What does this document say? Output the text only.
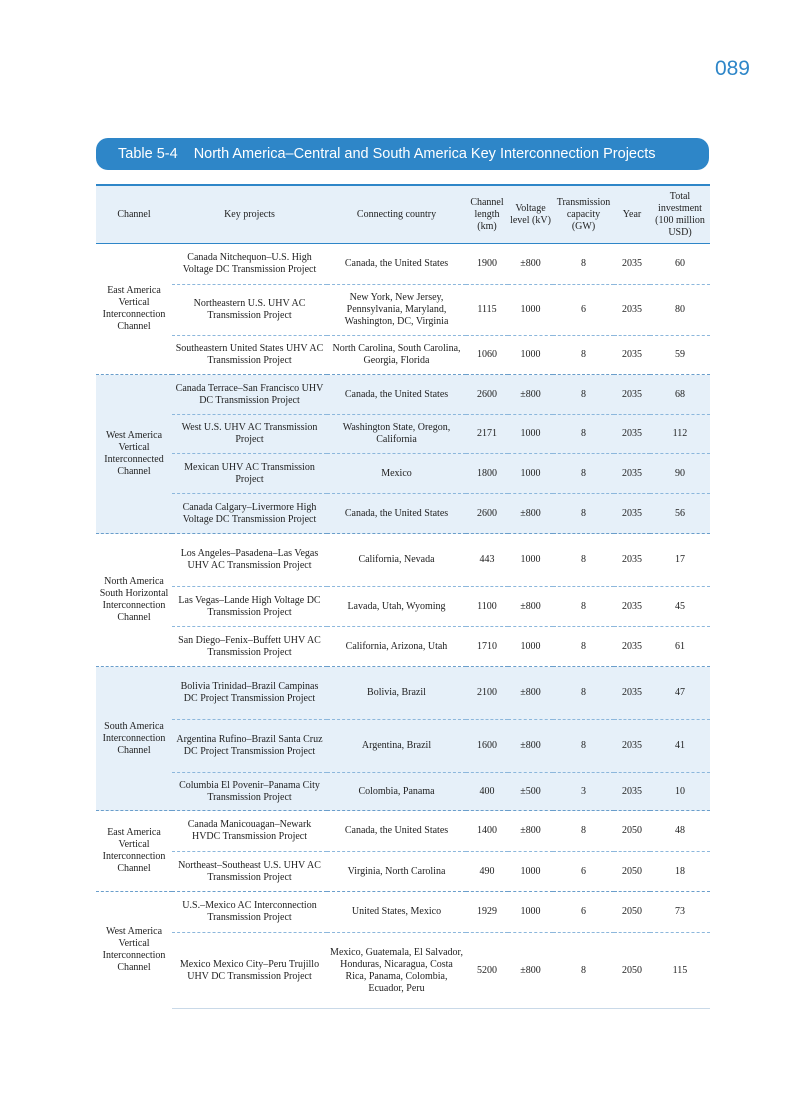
089
Table 5-4 North America–Central and South America Key Interconnection Projects
Channel	Key projects	Connecting country	Channel length (km)	Voltage level (kV)	Transmission capacity (GW)	Year	Total investment (100 million USD)
East America Vertical Interconnection Channel	Canada Nitchequon–U.S. High Voltage DC Transmission Project	Canada, the United States	1900	±800	8	2035	60
	Northeastern U.S. UHV AC Transmission Project	New York, New Jersey, Pennsylvania, Maryland, Washington, DC, Virginia	1115	1000	6	2035	80
	Southeastern United States UHV AC Transmission Project	North Carolina, South Carolina, Georgia, Florida	1060	1000	8	2035	59
West America Vertical Interconnected Channel	Canada Terrace–San Francisco UHV DC Transmission Project	Canada, the United States	2600	±800	8	2035	68
	West U.S. UHV AC Transmission Project	Washington State, Oregon, California	2171	1000	8	2035	112
	Mexican UHV AC Transmission Project	Mexico	1800	1000	8	2035	90
	Canada Calgary–Livermore High Voltage DC Transmission Project	Canada, the United States	2600	±800	8	2035	56
North America South Horizontal Interconnection Channel	Los Angeles–Pasadena–Las Vegas UHV AC Transmission Project	California, Nevada	443	1000	8	2035	17
	Las Vegas–Lande High Voltage DC Transmission Project	Lavada, Utah, Wyoming	1100	±800	8	2035	45
	San Diego–Fenix–Buffett UHV AC Transmission Project	California, Arizona, Utah	1710	1000	8	2035	61
South America Interconnection Channel	Bolivia Trinidad–Brazil Campinas DC Project Transmission Project	Bolivia, Brazil	2100	±800	8	2035	47
	Argentina Rufino–Brazil Santa Cruz DC Project Transmission Project	Argentina, Brazil	1600	±800	8	2035	41
	Columbia El Povenir–Panama City Transmission Project	Colombia, Panama	400	±500	3	2035	10
East America Vertical Interconnection Channel	Canada Manicouagan–Newark HVDC Transmission Project	Canada, the United States	1400	±800	8	2050	48
	Northeast–Southeast U.S. UHV AC Transmission Project	Virginia, North Carolina	490	1000	6	2050	18
West America Vertical Interconnection Channel	U.S.–Mexico AC Interconnection Transmission Project	United States, Mexico	1929	1000	6	2050	73
	Mexico Mexico City–Peru Trujillo UHV DC Transmission Project	Mexico, Guatemala, El Salvador, Honduras, Nicaragua, Costa Rica, Panama, Colombia, Ecuador, Peru	5200	±800	8	2050	115
